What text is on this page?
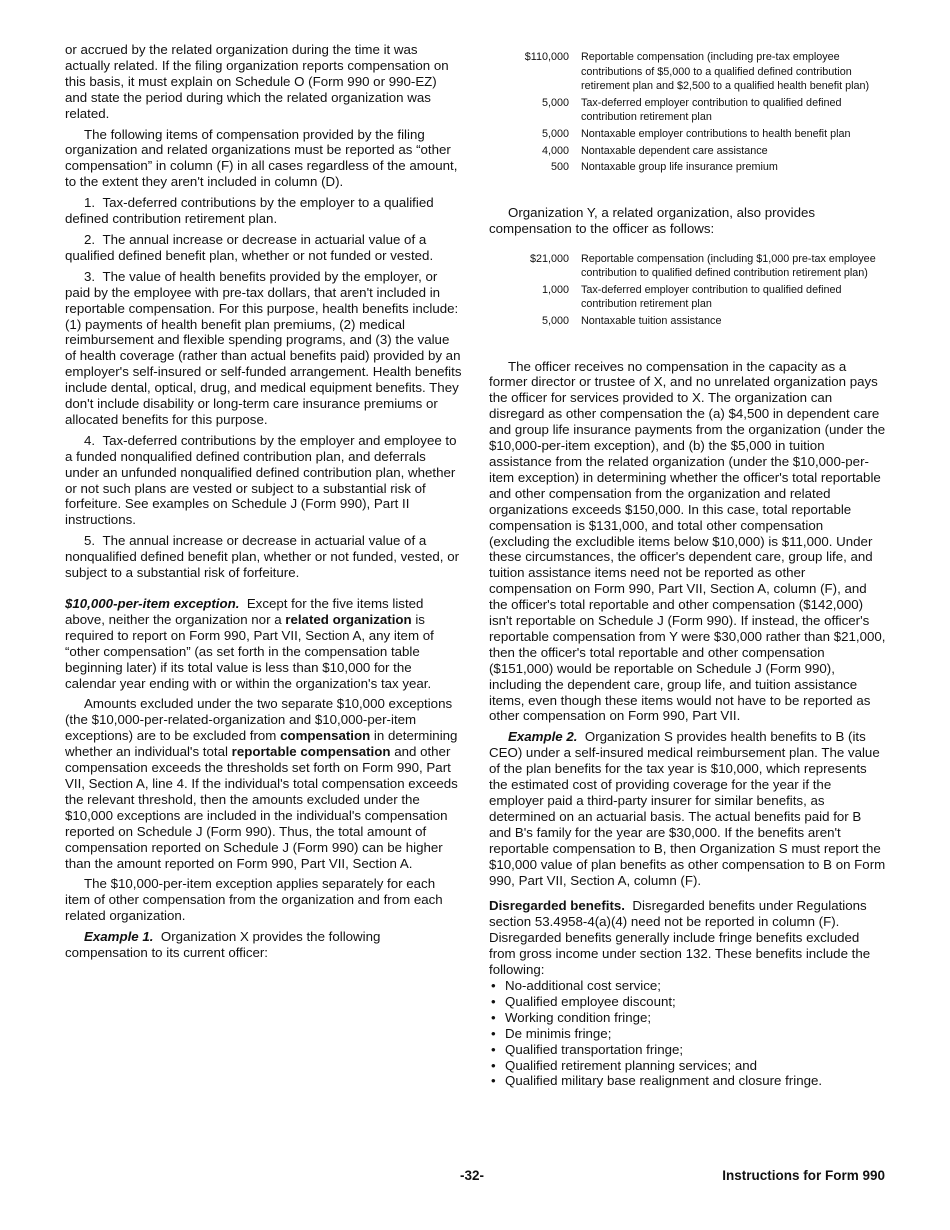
or accrued by the related organization during the time it was actually related. If the filing organization reports compensation on this basis, it must explain on Schedule O (Form 990 or 990-EZ) and state the period during which the related organization was related.

The following items of compensation provided by the filing organization and related organizations must be reported as “other compensation” in column (F) in all cases regardless of the amount, to the extent they aren't included in column (D).

1.  Tax-deferred contributions by the employer to a qualified defined contribution retirement plan.

2.  The annual increase or decrease in actuarial value of a qualified defined benefit plan, whether or not funded or vested.

3.  The value of health benefits provided by the employer, or paid by the employee with pre-tax dollars, that aren't included in reportable compensation. For this purpose, health benefits include: (1) payments of health benefit plan premiums, (2) medical reimbursement and flexible spending programs, and (3) the value of health coverage (rather than actual benefits paid) provided by an employer's self-insured or self-funded arrangement. Health benefits include dental, optical, drug, and medical equipment benefits. They don't include disability or long-term care insurance premiums or allocated benefits for this purpose.

4.  Tax-deferred contributions by the employer and employee to a funded nonqualified defined contribution plan, and deferrals under an unfunded nonqualified defined contribution plan, whether or not such plans are vested or subject to a substantial risk of forfeiture. See examples on Schedule J (Form 990), Part II instructions.

5.  The annual increase or decrease in actuarial value of a nonqualified defined benefit plan, whether or not funded, vested, or subject to a substantial risk of forfeiture.

$10,000-per-item exception. Except for the five items listed above, neither the organization nor a related organization is required to report on Form 990, Part VII, Section A, any item of “other compensation” (as set forth in the compensation table beginning later) if its total value is less than $10,000 for the calendar year ending with or within the organization's tax year.

Amounts excluded under the two separate $10,000 exceptions (the $10,000-per-related-organization and $10,000-per-item exceptions) are to be excluded from compensation in determining whether an individual's total reportable compensation and other compensation exceeds the thresholds set forth on Form 990, Part VII, Section A, line 4. If the individual's total compensation exceeds the relevant threshold, then the amounts excluded under the $10,000 exceptions are included in the individual's compensation reported on Schedule J (Form 990). Thus, the total amount of compensation reported on Schedule J (Form 990) can be higher than the amount reported on Form 990, Part VII, Section A.

The $10,000-per-item exception applies separately for each item of other compensation from the organization and from each related organization.

Example 1. Organization X provides the following compensation to its current officer:

$110,000	Reportable compensation (including pre-tax employee contributions of $5,000 to a qualified defined contribution retirement plan and $2,500 to a qualified health benefit plan)
5,000	Tax-deferred employer contribution to qualified defined contribution retirement plan
5,000	Nontaxable employer contributions to health benefit plan
4,000	Nontaxable dependent care assistance
500	Nontaxable group life insurance premium

Organization Y, a related organization, also provides compensation to the officer as follows:

$21,000	Reportable compensation (including $1,000 pre-tax employee contribution to qualified defined contribution retirement plan)
1,000	Tax-deferred employer contribution to qualified defined contribution retirement plan
5,000	Nontaxable tuition assistance

The officer receives no compensation in the capacity as a former director or trustee of X, and no unrelated organization pays the officer for services provided to X. The organization can disregard as other compensation the (a) $4,500 in dependent care and group life insurance payments from the organization (under the $10,000-per-item exception), and (b) the $5,000 in tuition assistance from the related organization (under the $10,000-per-item exception) in determining whether the officer's total reportable and other compensation from the organization and related organizations exceeds $150,000. In this case, total reportable compensation is $131,000, and total other compensation (excluding the excludible items below $10,000) is $11,000. Under these circumstances, the officer's dependent care, group life, and tuition assistance items need not be reported as other compensation on Form 990, Part VII, Section A, column (F), and the officer's total reportable and other compensation ($142,000) isn't reportable on Schedule J (Form 990). If instead, the officer's reportable compensation from Y were $30,000 rather than $21,000, then the officer's total reportable and other compensation ($151,000) would be reportable on Schedule J (Form 990), including the dependent care, group life, and tuition assistance items, even though these items would not have to be reported as other compensation on Form 990, Part VII.

Example 2. Organization S provides health benefits to B (its CEO) under a self-insured medical reimbursement plan. The value of the plan benefits for the tax year is $10,000, which represents the estimated cost of providing coverage for the year if the employer paid a third-party insurer for similar benefits, as determined on an actuarial basis. The actual benefits paid for B and B's family for the year are $30,000. If the benefits aren't reportable compensation to B, then Organization S must report the $10,000 value of plan benefits as other compensation to B on Form 990, Part VII, Section A, column (F).

Disregarded benefits. Disregarded benefits under Regulations section 53.4958-4(a)(4) need not be reported in column (F). Disregarded benefits generally include fringe benefits excluded from gross income under section 132. These benefits include the following:

• No-additional cost service;
• Qualified employee discount;
• Working condition fringe;
• De minimis fringe;
• Qualified transportation fringe;
• Qualified retirement planning services; and
• Qualified military base realignment and closure fringe.
-32-	Instructions for Form 990
